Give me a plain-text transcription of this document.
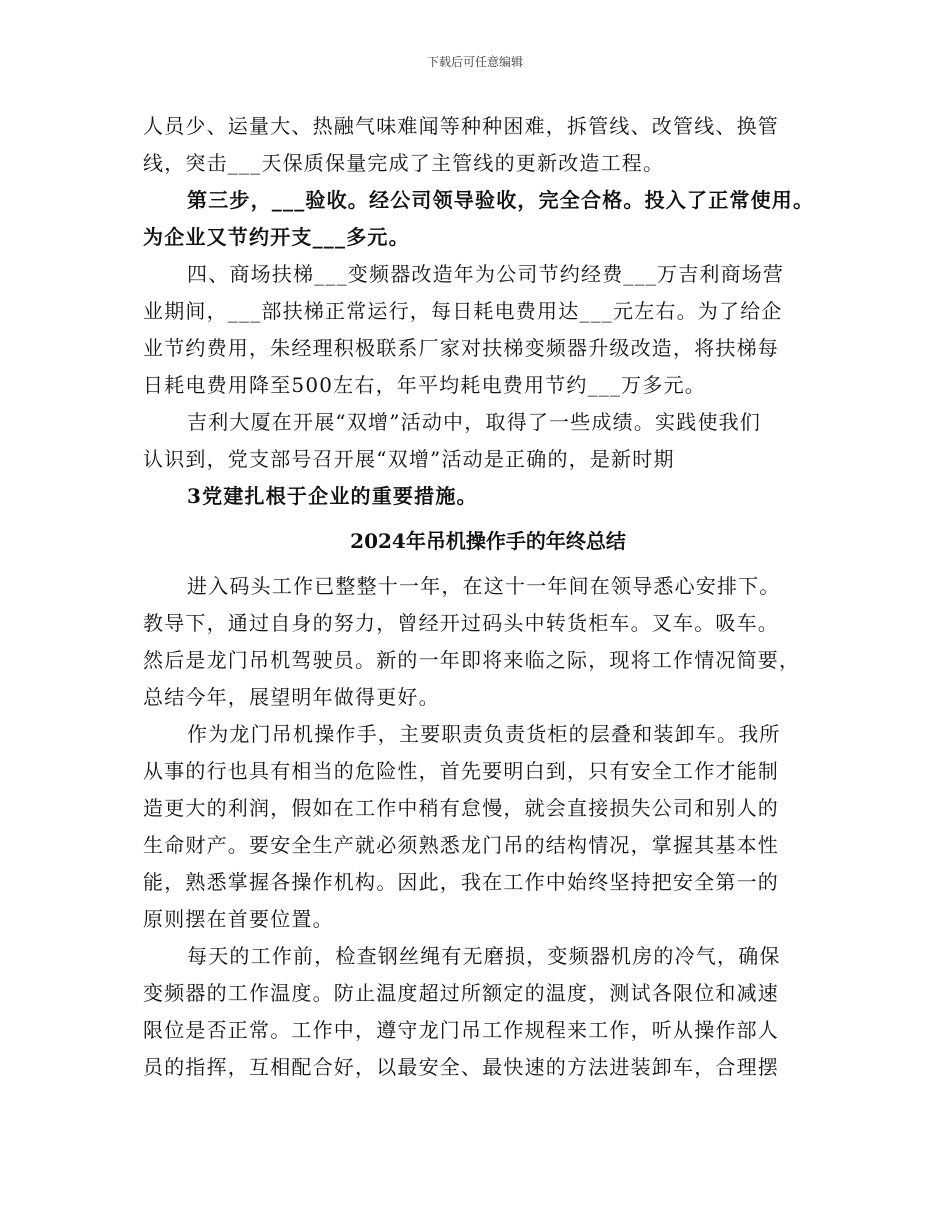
下载后可任意编辑
人员少、运量大、热融气味难闻等种种困难，拆管线、改管线、换管
线，突击___天保质保量完成了主管线的更新改造工程。
第三步，___验收。经公司领导验收，完全合格。投入了正常使用。
为企业又节约开支___多元。
四、商场扶梯___变频器改造年为公司节约经费___万吉利商场营
业期间，___部扶梯正常运行，每日耗电费用达___元左右。为了给企
业节约费用，朱经理积极联系厂家对扶梯变频器升级改造，将扶梯每
日耗电费用降至500左右，年平均耗电费用节约___万多元。
吉利大厦在开展“双增”活动中，取得了一些成绩。实践使我们
认识到，党支部号召开展“双增”活动是正确的，是新时期
3党建扎根于企业的重要措施。
2024年吊机操作手的年终总结
进入码头工作已整整十一年，在这十一年间在领导悉心安排下。
教导下，通过自身的努力，曾经开过码头中转货柜车。叉车。吸车。
然后是龙门吊机驾驶员。新的一年即将来临之际，现将工作情况简要，
总结今年，展望明年做得更好。
作为龙门吊机操作手，主要职责负责货柜的层叠和装卸车。我所
从事的行也具有相当的危险性，首先要明白到，只有安全工作才能制
造更大的利润，假如在工作中稍有怠慢，就会直接损失公司和别人的
生命财产。要安全生产就必须熟悉龙门吊的结构情况，掌握其基本性
能，熟悉掌握各操作机构。因此，我在工作中始终坚持把安全第一的
原则摆在首要位置。
每天的工作前，检查钢丝绳有无磨损，变频器机房的冷气，确保
变频器的工作温度。防止温度超过所额定的温度，测试各限位和减速
限位是否正常。工作中，遵守龙门吊工作规程来工作，听从操作部人
员的指挥，互相配合好，以最安全、最快速的方法进装卸车，合理摆
